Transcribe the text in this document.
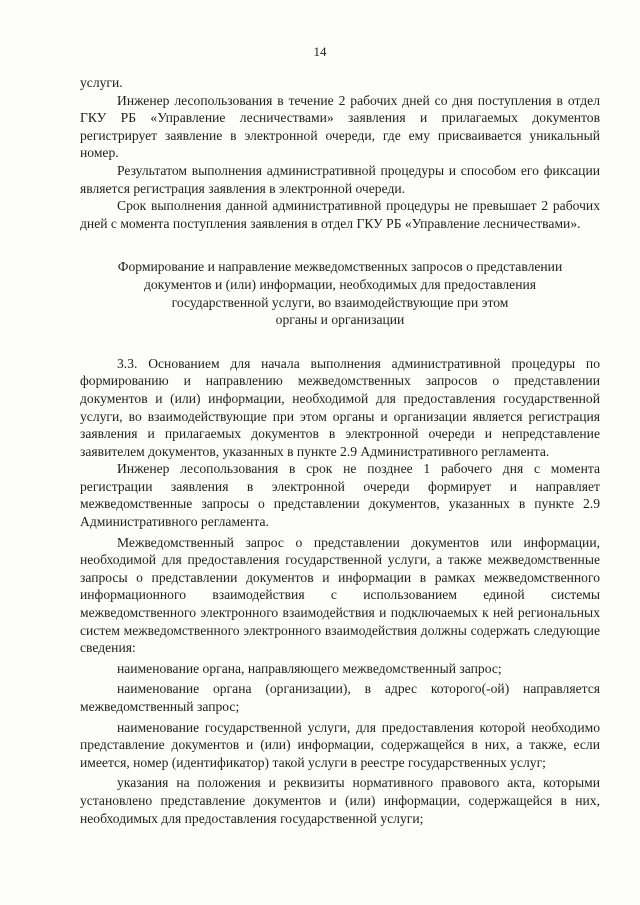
14

услуги.

Инженер лесопользования в течение 2 рабочих дней со дня поступления в отдел ГКУ РБ «Управление лесничествами» заявления и прилагаемых документов регистрирует заявление в электронной очереди, где ему присваивается уникальный номер.

Результатом выполнения административной процедуры и способом его фиксации является регистрация заявления в электронной очереди.

Срок выполнения данной административной процедуры не превышает 2 рабочих дней с момента поступления заявления в отдел ГКУ РБ «Управление лесничествами».

Формирование и направление межведомственных запросов о представлении
документов и (или) информации, необходимых для предоставления
государственной услуги, во взаимодействующие при этом
органы и организации

3.3. Основанием для начала выполнения административной процедуры по формированию и направлению межведомственных запросов о представлении документов и (или) информации, необходимой для предоставления государственной услуги, во взаимодействующие при этом органы и организации является регистрация заявления и прилагаемых документов в электронной очереди и непредставление заявителем документов, указанных в пункте 2.9 Административного регламента.

Инженер лесопользования в срок не позднее 1 рабочего дня с момента регистрации заявления в электронной очереди формирует и направляет межведомственные запросы о представлении документов, указанных в пункте 2.9 Административного регламента.

Межведомственный запрос о представлении документов или информации, необходимой для предоставления государственной услуги, а также межведомственные запросы о представлении документов и информации в рамках межведомственного информационного взаимодействия с использованием единой системы межведомственного электронного взаимодействия и подключаемых к ней региональных систем межведомственного электронного взаимодействия должны содержать следующие сведения:

наименование органа, направляющего межведомственный запрос;

наименование органа (организации), в адрес которого(-ой) направляется межведомственный запрос;

наименование государственной услуги, для предоставления которой необходимо представление документов и (или) информации, содержащейся в них, а также, если имеется, номер (идентификатор) такой услуги в реестре государственных услуг;

указания на положения и реквизиты нормативного правового акта, которыми установлено представление документов и (или) информации, содержащейся в них, необходимых для предоставления государственной услуги;
